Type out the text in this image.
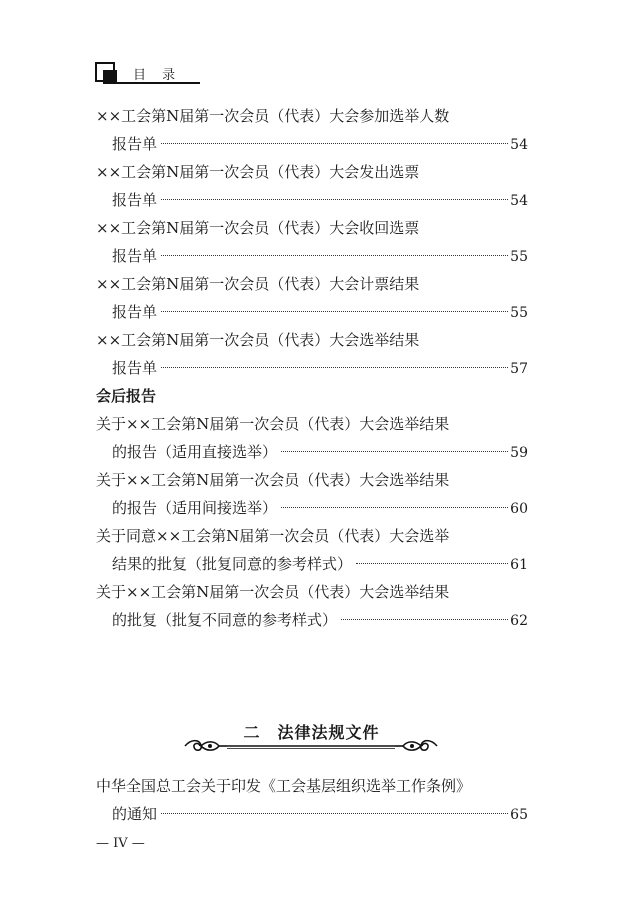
目 录
××工会第N届第一次会员（代表）大会参加选举人数
报告单	54
××工会第N届第一次会员（代表）大会发出选票
报告单	54
××工会第N届第一次会员（代表）大会收回选票
报告单	55
××工会第N届第一次会员（代表）大会计票结果
报告单	55
××工会第N届第一次会员（代表）大会选举结果
报告单	57
会后报告
关于××工会第N届第一次会员（代表）大会选举结果
的报告（适用直接选举）	59
关于××工会第N届第一次会员（代表）大会选举结果
的报告（适用间接选举）	60
关于同意××工会第N届第一次会员（代表）大会选举
结果的批复（批复同意的参考样式）	61
关于××工会第N届第一次会员（代表）大会选举结果
的批复（批复不同意的参考样式）	62
二　法律法规文件
中华全国总工会关于印发《工会基层组织选举工作条例》
的通知	65
— IV —
